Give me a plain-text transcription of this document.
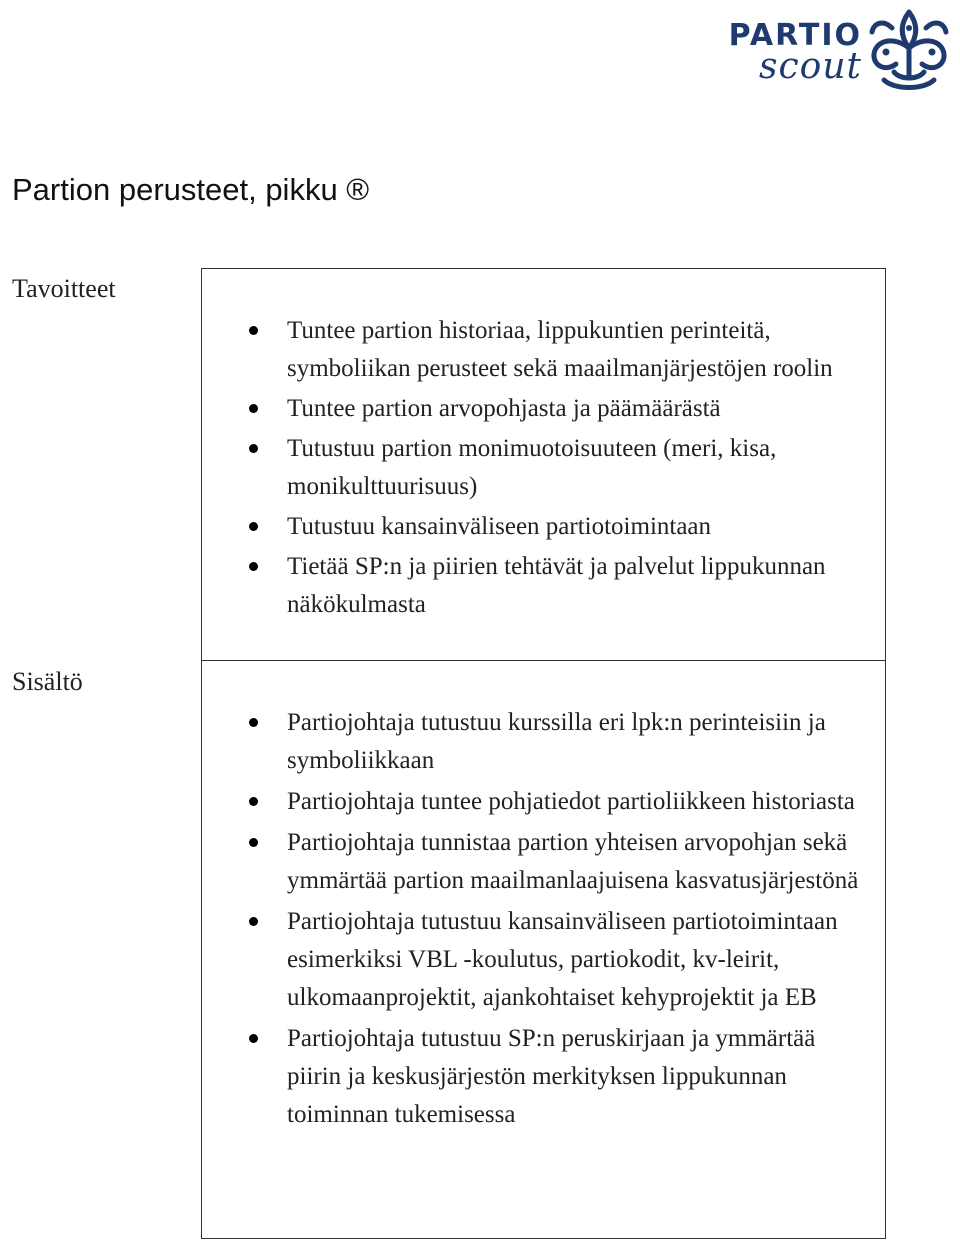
PARTIO
scout
Partion perusteet, pikku ®
Tavoitteet
Tuntee partion historiaa, lippukuntien perinteitä, symboliikan perusteet sekä maailmanjärjestöjen roolin
Tuntee partion arvopohjasta ja päämäärästä
Tutustuu partion monimuotoisuuteen (meri, kisa, monikulttuurisuus)
Tutustuu kansainväliseen partiotoimintaan
Tietää SP:n ja piirien tehtävät ja palvelut lippukunnan näkökulmasta
Sisältö
Partiojohtaja tutustuu kurssilla eri lpk:n perinteisiin ja symboliikkaan
Partiojohtaja tuntee pohjatiedot partioliikkeen historiasta
Partiojohtaja tunnistaa partion yhteisen arvopohjan sekä ymmärtää partion maailmanlaajuisena kasvatusjärjestönä
Partiojohtaja tutustuu kansainväliseen partiotoimintaan esimerkiksi VBL -koulutus, partiokodit, kv-leirit, ulkomaanprojektit, ajankohtaiset kehyprojektit ja EB
Partiojohtaja tutustuu SP:n peruskirjaan ja ymmärtää piirin ja keskusjärjestön merkityksen lippukunnan toiminnan tukemisessa
